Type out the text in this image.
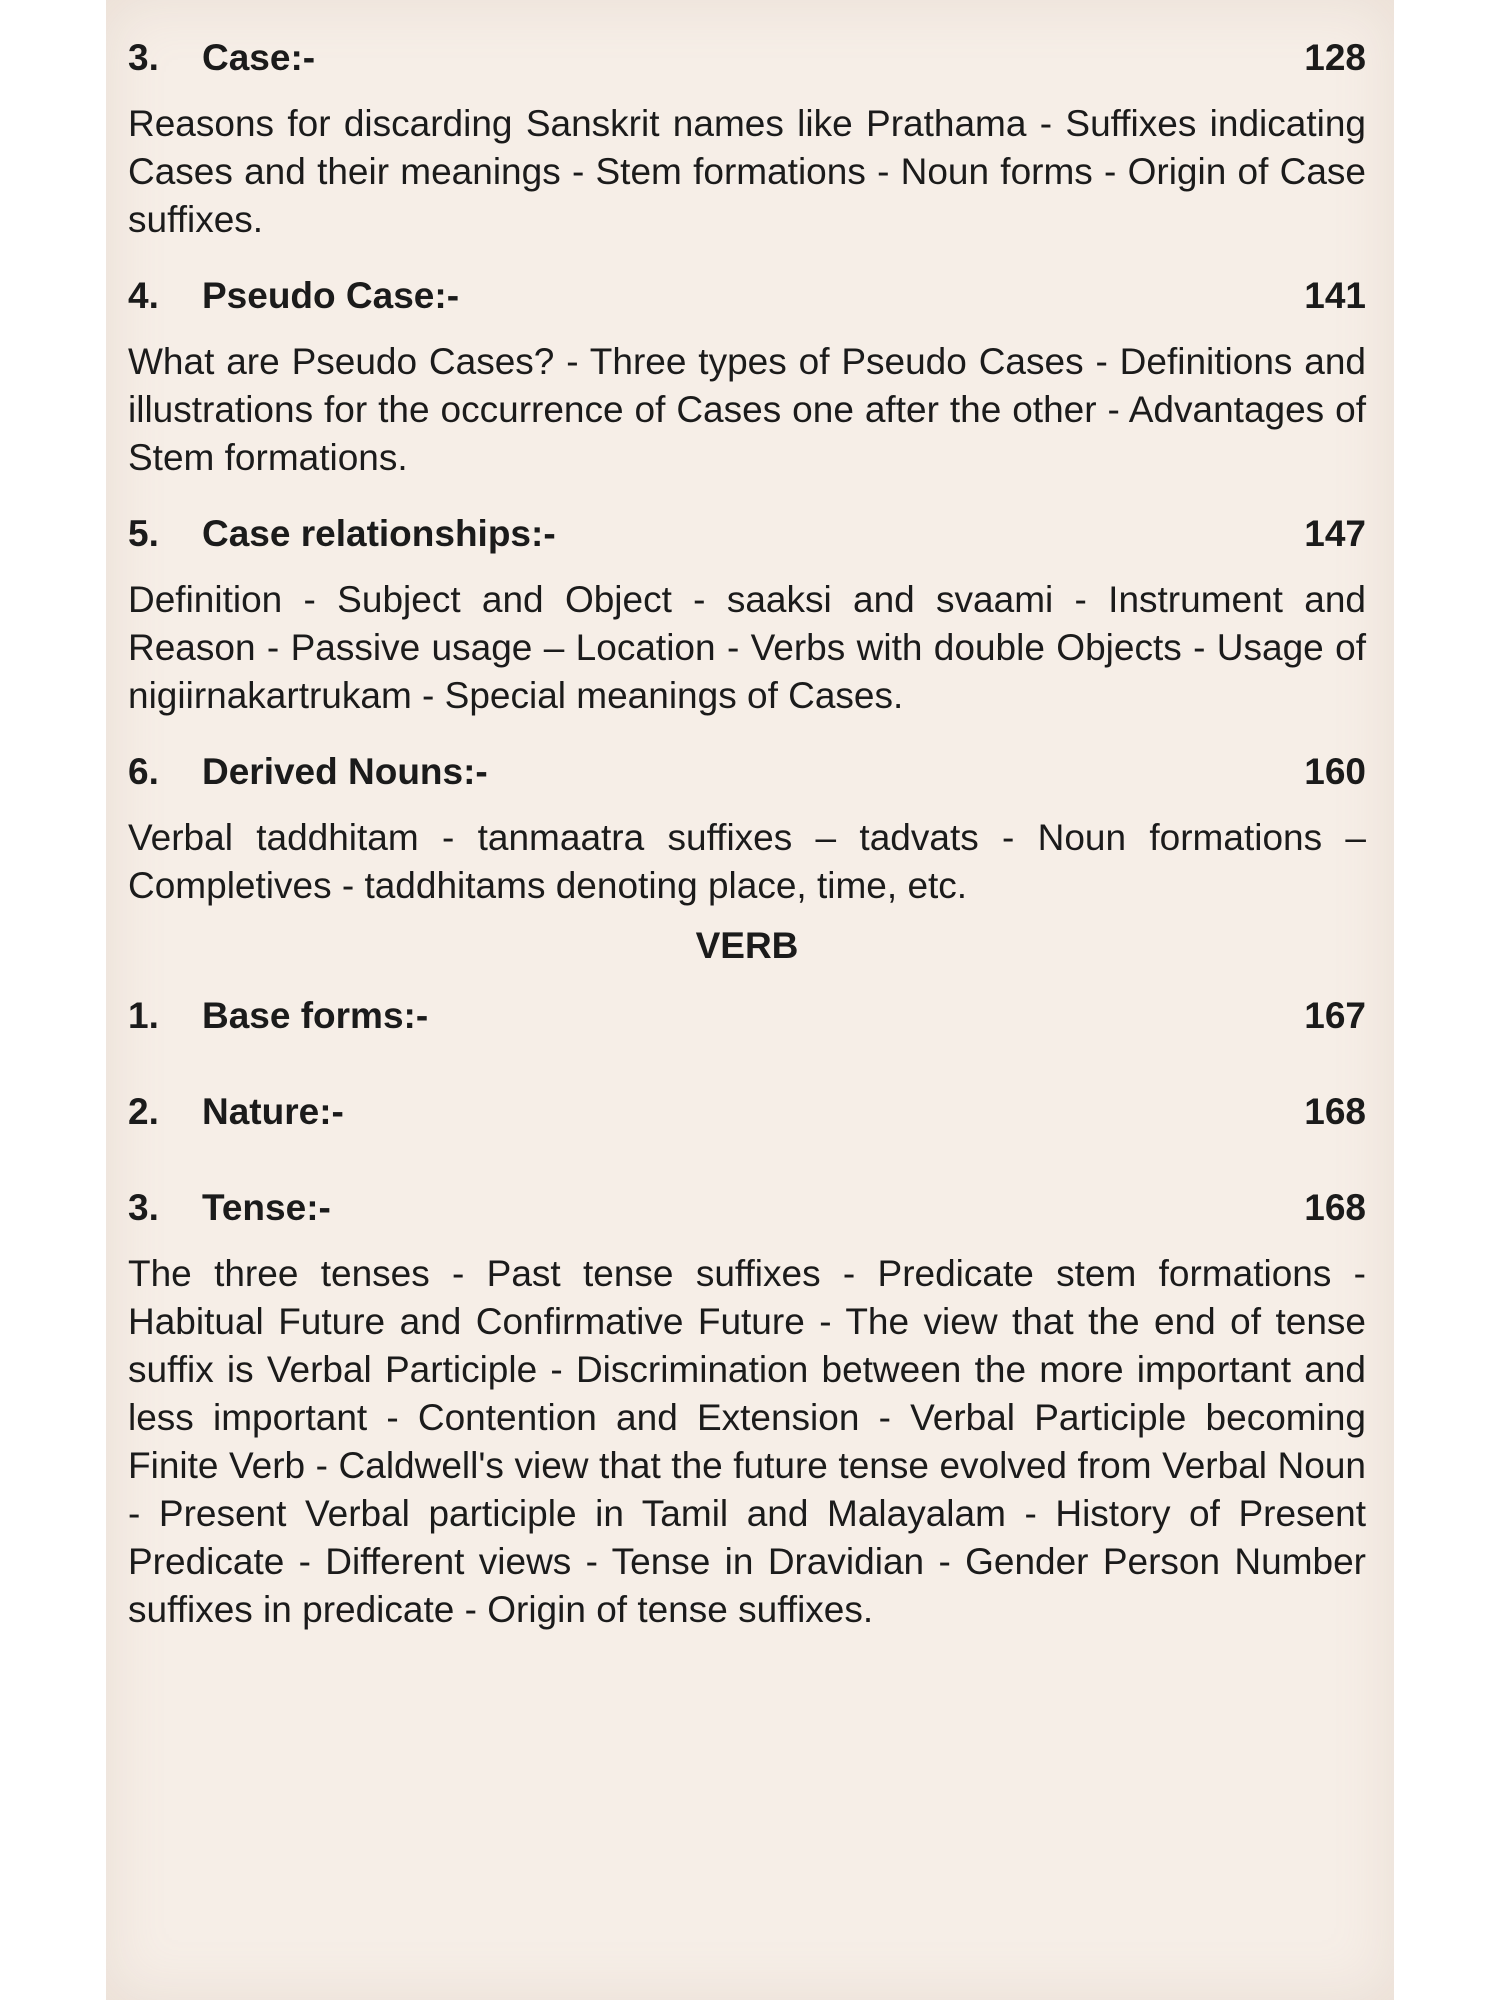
3. Case:-	128

Reasons for discarding Sanskrit names like Prathama - Suffixes indicating Cases and their meanings - Stem formations - Noun forms - Origin of Case suffixes.

4. Pseudo Case:-	141

What are Pseudo Cases? - Three types of Pseudo Cases - Definitions and illustrations for the occurrence of Cases one after the other - Advantages of Stem formations.

5. Case relationships:-	147

Definition - Subject and Object - saaksi and svaami - Instrument and Reason - Passive usage – Location - Verbs with double Objects - Usage of nigiirnakartrukam - Special meanings of Cases.

6. Derived Nouns:-	160

Verbal taddhitam - tanmaatra suffixes – tadvats - Noun formations – Completives - taddhitams denoting place, time, etc.

VERB
1. Base forms:-	167
2. Nature:-	168
3. Tense:-	168

The three tenses - Past tense suffixes - Predicate stem formations - Habitual Future and Confirmative Future - The view that the end of tense suffix is Verbal Participle - Discrimination between the more important and less important - Contention and Extension - Verbal Participle becoming Finite Verb - Caldwell's view that the future tense evolved from Verbal Noun - Present Verbal participle in Tamil and Malayalam - History of Present Predicate - Different views - Tense in Dravidian - Gender Person Number suffixes in predicate - Origin of tense suffixes.
